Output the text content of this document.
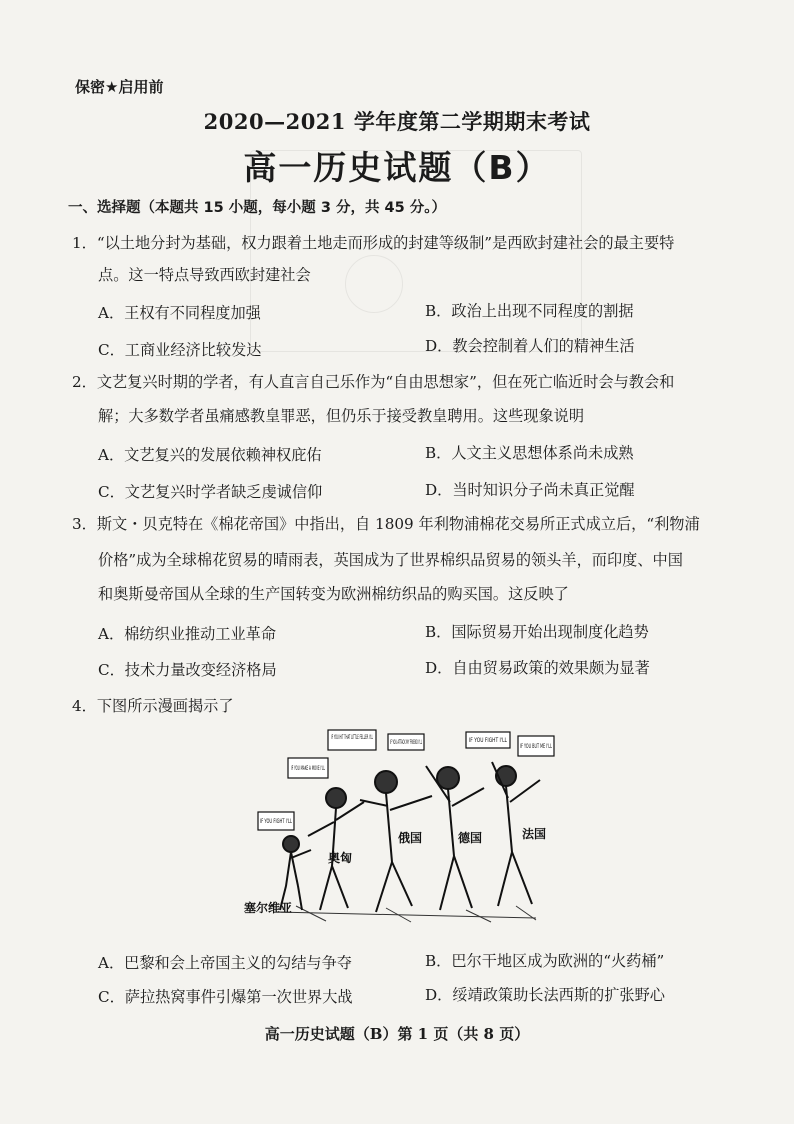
保密★启用前
2020—2021 学年度第二学期期末考试
高一历史试题（B）
一、选择题（本题共 15 小题，每小题 3 分，共 45 分。）
1．“以土地分封为基础，权力跟着土地走而形成的封建等级制”是西欧封建社会的最主要特
点。这一特点导致西欧封建社会
A．王权有不同程度加强	B．政治上出现不同程度的割据
C．工商业经济比较发达	D．教会控制着人们的精神生活
2．文艺复兴时期的学者，有人直言自己乐作为“自由思想家”，但在死亡临近时会与教会和
解；大多数学者虽痛感教皇罪恶，但仍乐于接受教皇聘用。这些现象说明
A．文艺复兴的发展依赖神权庇佑	B．人文主义思想体系尚未成熟
C．文艺复兴时学者缺乏虔诚信仰	D．当时知识分子尚未真正觉醒
3．斯文・贝克特在《棉花帝国》中指出，自 1809 年利物浦棉花交易所正式成立后，“利物浦
价格”成为全球棉花贸易的晴雨表，英国成为了世界棉织品贸易的领头羊，而印度、中国
和奥斯曼帝国从全球的生产国转变为欧洲棉纺织品的购买国。这反映了
A．棉纺织业推动工业革命	B．国际贸易开始出现制度化趋势
C．技术力量改变经济格局	D．自由贸易政策的效果颇为显著
4．下图所示漫画揭示了
IF YOU HIT THAT LITTLE FELLER I'LL
IF YOU ATTACK MY FRIEND I'LL	IF YOU FIGHT I'LL
IF YOU MAKE A MOVE I'LL
IF YOU BUT ME I'LL
IF YOU FIGHT I'LL
俄国	德国	法国
奥匈
塞尔维亚
A．巴黎和会上帝国主义的勾结与争夺	B．巴尔干地区成为欧洲的“火药桶”
C．萨拉热窝事件引爆第一次世界大战	D．绥靖政策助长法西斯的扩张野心
高一历史试题（B）第 1 页（共 8 页）
